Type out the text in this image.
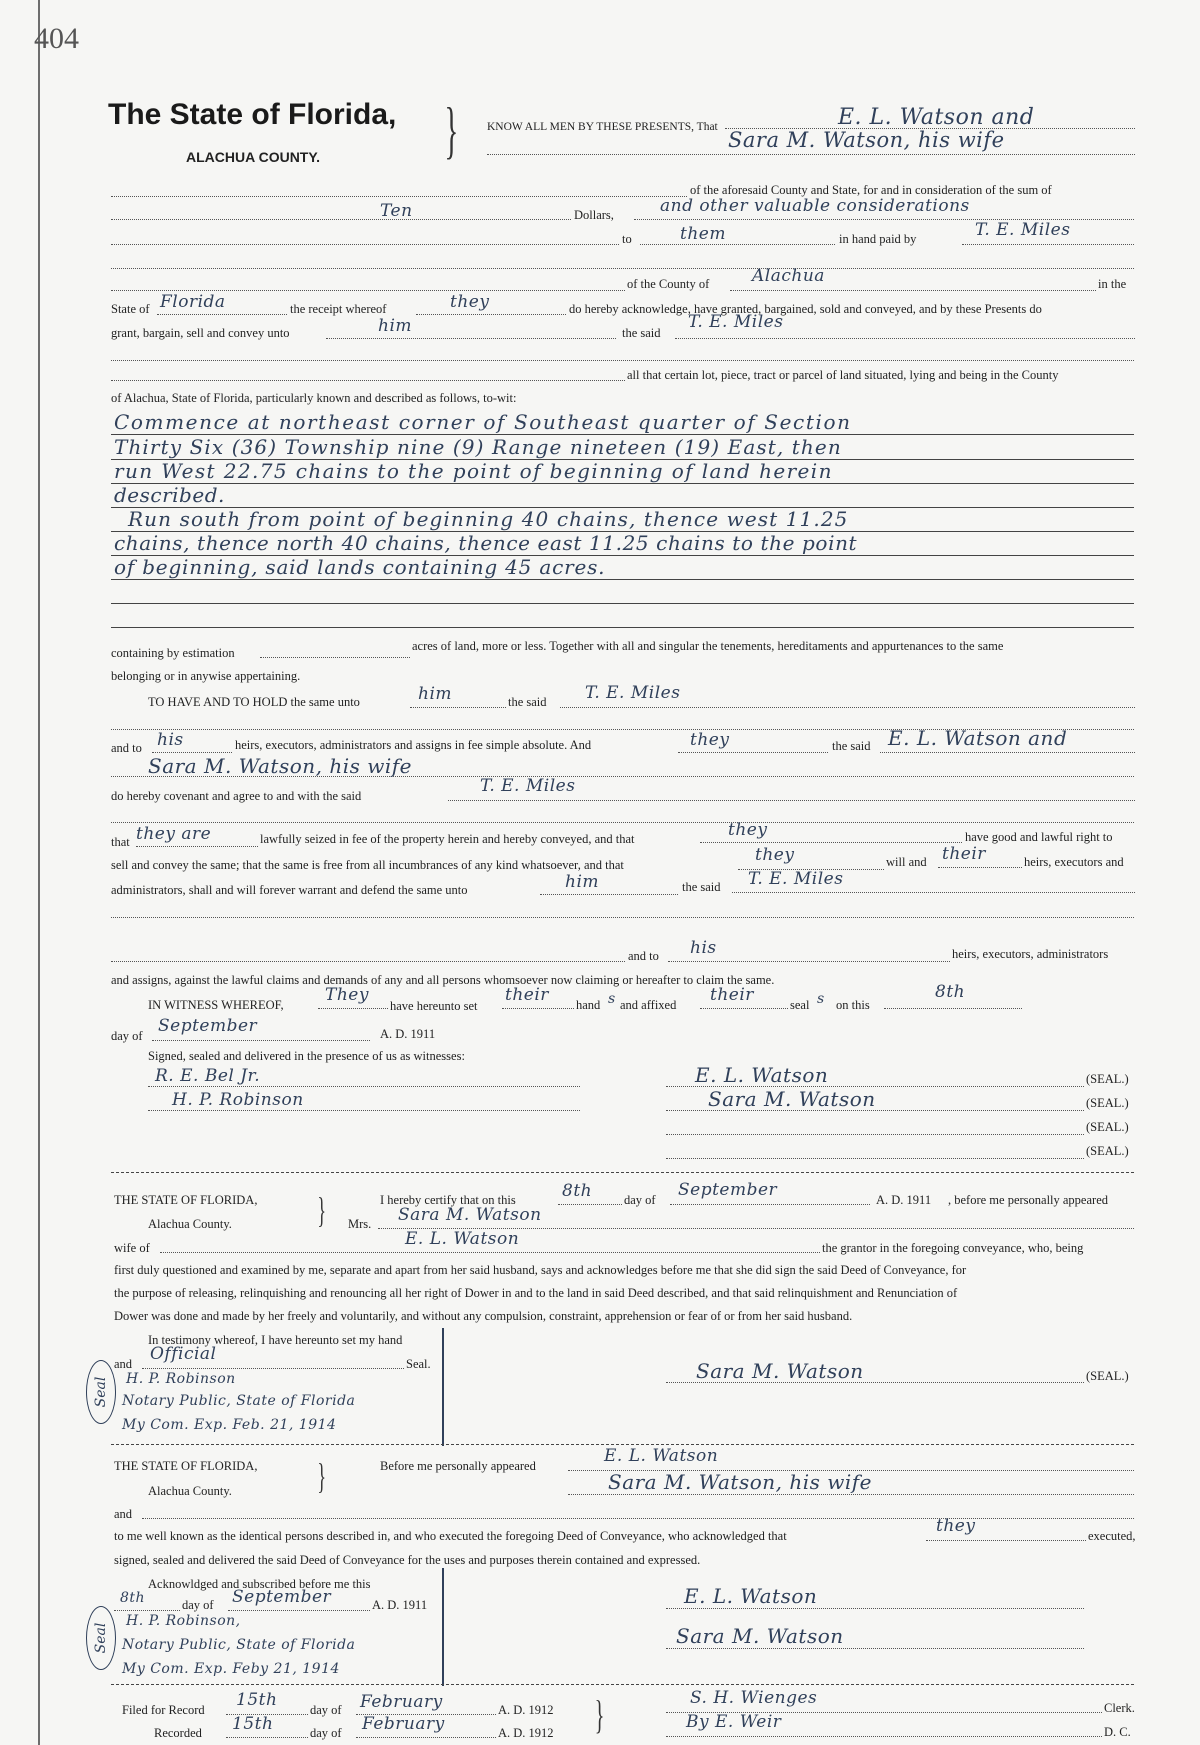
404
The State of Florida,
ALACHUA COUNTY. } KNOW ALL MEN BY THESE PRESENTS, That	E. L. Watson and
Sara M. Watson, his wife
of the aforesaid County and State, for and in consideration of the sum of
Ten	Dollars,	and other valuable considerations
to	them	in hand paid by	T. E. Miles
of the County of	Alachua	in the
State of Florida	the receipt whereof	they	do hereby acknowledge, have granted, bargained, sold and conveyed, and by these Presents do
grant, bargain, sell and convey unto	him	the said
T. E. Miles
all that certain lot, piece, tract or parcel of land situated, lying and being in the County
of Alachua, State of Florida, particularly known and described as follows, to-wit:
Commence at northeast corner of Southeast quarter of Section
Thirty Six (36) Township nine (9) Range nineteen (19) East, then
run West 22.75 chains to the point of beginning of land herein
described.
Run south from point of beginning 40 chains, thence west 11.25
chains, thence north 40 chains, thence east 11.25 chains to the point
of beginning, said lands containing 45 acres.
containing by estimation	acres of land, more or less. Together with all and singular the tenements, hereditaments and appurtenances to the same
belonging or in anywise appertaining.
TO HAVE AND TO HOLD the same unto	him	the said T. E. Miles
and to his	heirs, executors, administrators and assigns in fee simple absolute. And	they	the said E. L. Watson and
Sara M. Watson, his wife
do hereby covenant and agree to and with the said	T. E. Miles
that they are	lawfully seized in fee of the property herein and hereby conveyed, and that	they	have good and lawful right to
sell and convey the same; that the same is free from all incumbrances of any kind whatsoever, and that	they	will and their	heirs, executors and
administrators, shall and will forever warrant and defend the same unto	him	the said T. E. Miles
and to his	heirs, executors, administrators
and assigns, against the lawful claims and demands of any and all persons whomsoever now claiming or hereafter to claim the same.
IN WITNESS WHEREOF, They
have hereunto set
their hand s and affixed their	seal s on this
8th
day of September	A. D. 1911
Signed, sealed and delivered in the presence of us as witnesses:
R. E. Bel Jr.
H. P. Robinson
E. L. Watson
Sara M. Watson
(SEAL.)
(SEAL.)
(SEAL.)
(SEAL.)
THE STATE OF FLORIDA,
Alachua County. }	I hereby certify that on this	8th	day of September	A. D. 1911 , before me personally appeared
Mrs. Sara M. Watson
wife of	E. L. Watson	the grantor in the foregoing conveyance, who, being
first duly questioned and examined by me, separate and apart from her said husband, says and acknowledges before me that she did sign the said Deed of Conveyance, for
the purpose of releasing, relinquishing and renouncing all her right of Dower in and to the land in said Deed described, and that said relinquishment and Renunciation of
Dower was done and made by her freely and voluntarily, and without any compulsion, constraint, apprehension or fear of or from her said husband.
In testimony whereof, I have hereunto set my hand
and Official	Seal.
Seal H. P. Robinson
Notary Public, State of Florida
My Com. Exp. Feb. 21, 1914
Sara M. Watson	(SEAL.)
THE STATE OF FLORIDA,
Alachua County. }	Before me personally appeared	E. L. Watson
Sara M. Watson, his wife
and
to me well known as the identical persons described in, and who executed the foregoing Deed of Conveyance, who acknowledged that	they	executed,
signed, sealed and delivered the said Deed of Conveyance for the uses and purposes therein contained and expressed.
Acknowldged and subscribed before me this
8th	day of September	A. D. 1911
Seal
H. P. Robinson,
Notary Public, State of Florida
My Com. Exp. Feby 21, 1914
E. L. Watson
Sara M. Watson
Filed for Record 15th	day of February	A. D. 1912
Recorded 15th	day of February	A. D. 1912 }	S. H. Wienges	Clerk.
By E. Weir	D. C.
